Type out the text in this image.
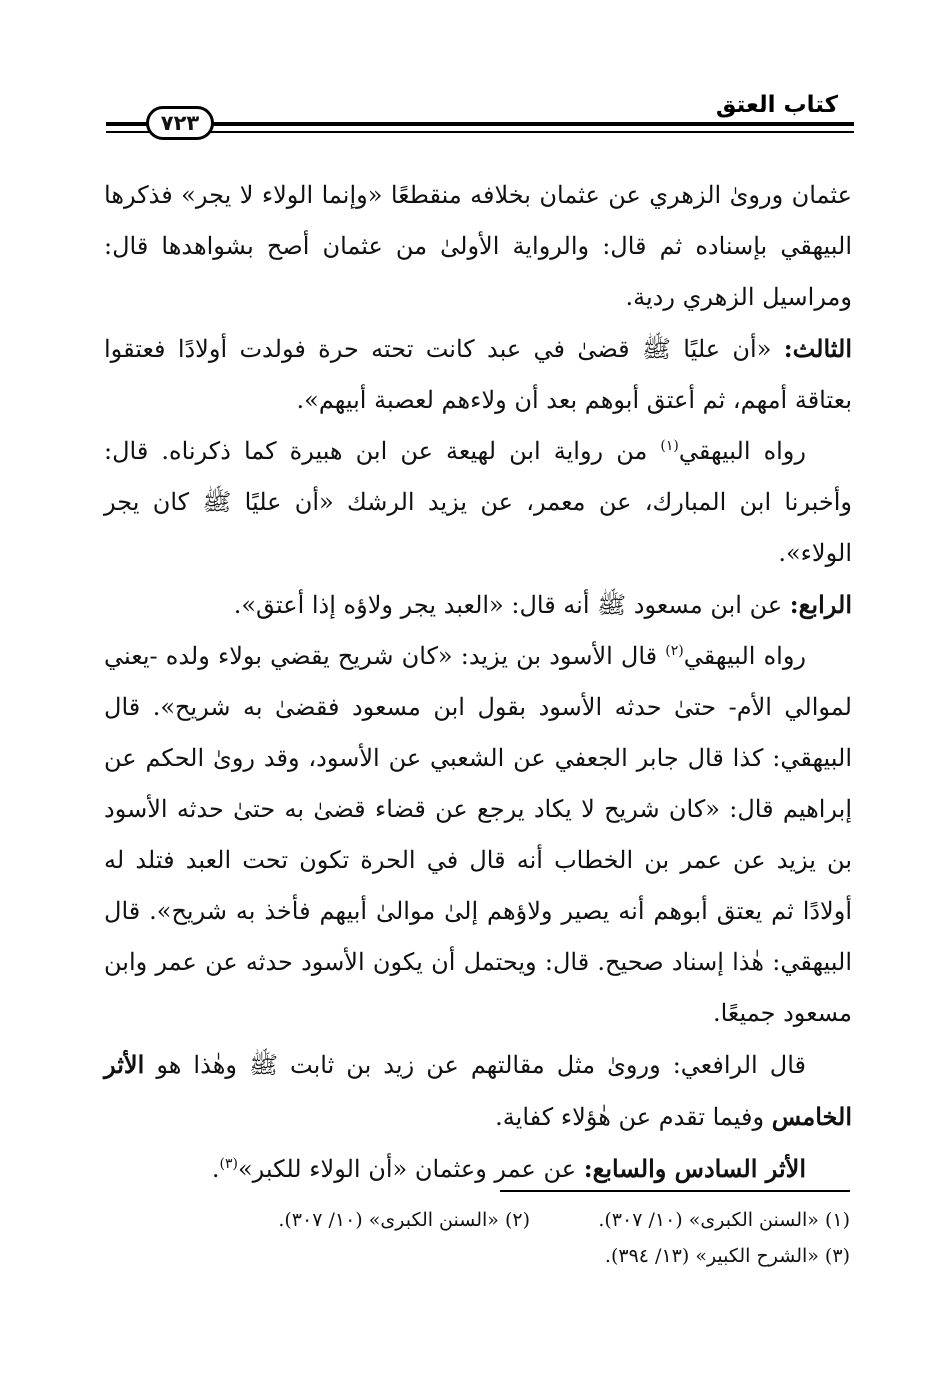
كتاب العتق
٧٢٣

عثمان وروىٰ الزهري عن عثمان بخلافه منقطعًا «وإنما الولاء لا يجر» فذكرها البيهقي بإسناده ثم قال: والرواية الأولىٰ من عثمان أصح بشواهدها قال: ومراسيل الزهري ردية.

الثالث: «أن عليًا ﷺ قضىٰ في عبد كانت تحته حرة فولدت أولادًا فعتقوا بعتاقة أمهم، ثم أعتق أبوهم بعد أن ولاءهم لعصبة أبيهم».

رواه البيهقي$^{(١)}$ من رواية ابن لهيعة عن ابن هبيرة كما ذكرناه. قال: وأخبرنا ابن المبارك، عن معمر، عن يزيد الرشك «أن عليًا ﷺ كان يجر الولاء».

الرابع: عن ابن مسعود ﷺ أنه قال: «العبد يجر ولاؤه إذا أعتق».

رواه البيهقي$^{(٢)}$ قال الأسود بن يزيد: «كان شريح يقضي بولاء ولده -يعني لموالي الأم- حتىٰ حدثه الأسود بقول ابن مسعود فقضىٰ به شريح». قال البيهقي: كذا قال جابر الجعفي عن الشعبي عن الأسود، وقد روىٰ الحكم عن إبراهيم قال: «كان شريح لا يكاد يرجع عن قضاء قضىٰ به حتىٰ حدثه الأسود بن يزيد عن عمر بن الخطاب أنه قال في الحرة تكون تحت العبد فتلد له أولادًا ثم يعتق أبوهم أنه يصير ولاؤهم إلىٰ موالىٰ أبيهم فأخذ به شريح». قال البيهقي: هٰذا إسناد صحيح. قال: ويحتمل أن يكون الأسود حدثه عن عمر وابن مسعود جميعًا.

قال الرافعي: وروىٰ مثل مقالتهم عن زيد بن ثابت ﷺ وهٰذا هو الأثر الخامس وفيما تقدم عن هٰؤلاء كفاية.

الأثر السادس والسابع: عن عمر وعثمان «أن الولاء للكبر»$^{(٣)}$.

(١) «السنن الكبرى» (١٠/ ٣٠٧).
(٢) «السنن الكبرى» (١٠/ ٣٠٧).
(٣) «الشرح الكبير» (١٣/ ٣٩٤).
